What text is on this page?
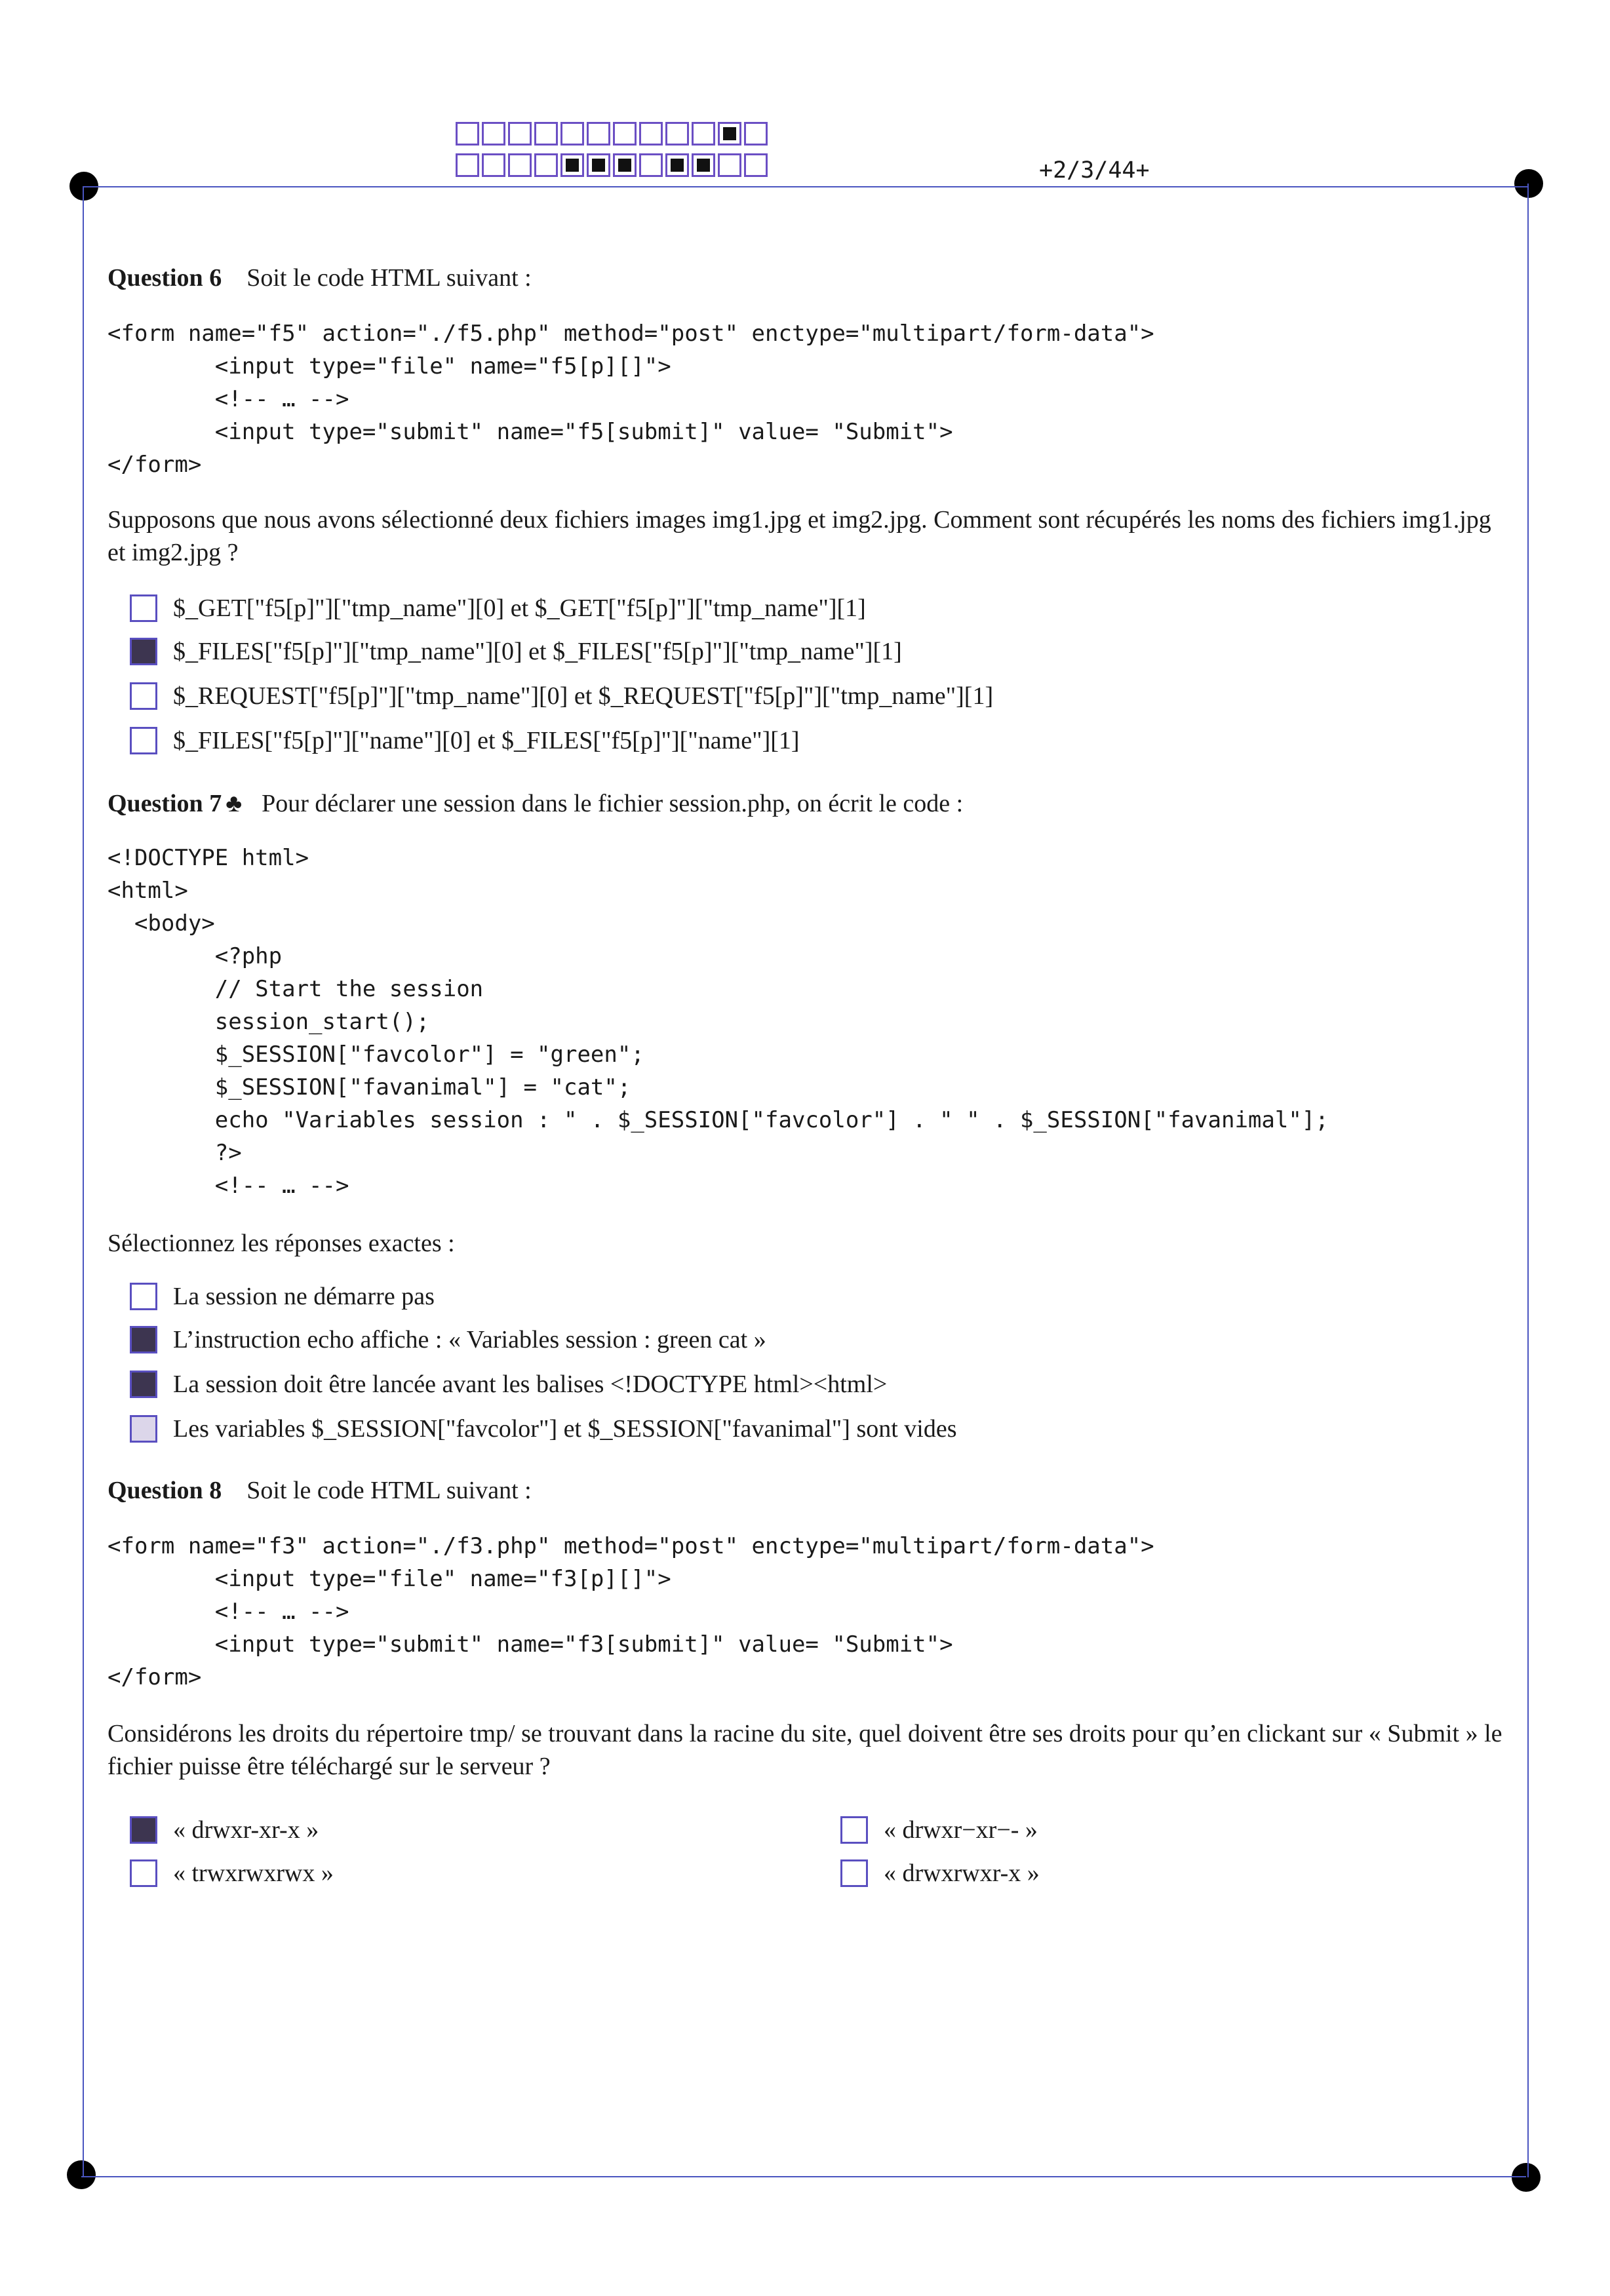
+2/3/44+
Question 6 Soit le code HTML suivant :
<form name="f5" action="./f5.php" method="post" enctype="multipart/form-data">
<input type="file" name="f5[p][]">
<!-- … -->
<input type="submit" name="f5[submit]" value= "Submit">
</form>
Supposons que nous avons sélectionné deux fichiers images img1.jpg et img2.jpg. Comment sont récupérés les noms des fichiers img1.jpg et img2.jpg ?
$_GET["f5[p]"]["tmp_name"][0] et $_GET["f5[p]"]["tmp_name"][1]
$_FILES["f5[p]"]["tmp_name"][0] et $_FILES["f5[p]"]["tmp_name"][1]
$_REQUEST["f5[p]"]["tmp_name"][0] et $_REQUEST["f5[p]"]["tmp_name"][1]
$_FILES["f5[p]"]["name"][0] et $_FILES["f5[p]"]["name"][1]
Question 7 ♣ Pour déclarer une session dans le fichier session.php, on écrit le code :
<!DOCTYPE html>
<html>
<body>
<?php
// Start the session
session_start();
$_SESSION["favcolor"] = "green";
$_SESSION["favanimal"] = "cat";
echo "Variables session : " . $_SESSION["favcolor"] . " " . $_SESSION["favanimal"];
?>
<!-- … -->
Sélectionnez les réponses exactes :
La session ne démarre pas
L’instruction echo affiche : « Variables session : green cat »
La session doit être lancée avant les balises <!DOCTYPE html><html>
Les variables $_SESSION["favcolor"] et $_SESSION["favanimal"] sont vides
Question 8 Soit le code HTML suivant :
<form name="f3" action="./f3.php" method="post" enctype="multipart/form-data">
<input type="file" name="f3[p][]">
<!-- … -->
<input type="submit" name="f3[submit]" value= "Submit">
</form>
Considérons les droits du répertoire tmp/ se trouvant dans la racine du site, quel doivent être ses droits pour qu’en clickant sur « Submit » le fichier puisse être téléchargé sur le serveur ?
« drwxr-xr-x »	« drwxr−xr−- »
« trwxrwxrwx »	« drwxrwxr-x »
